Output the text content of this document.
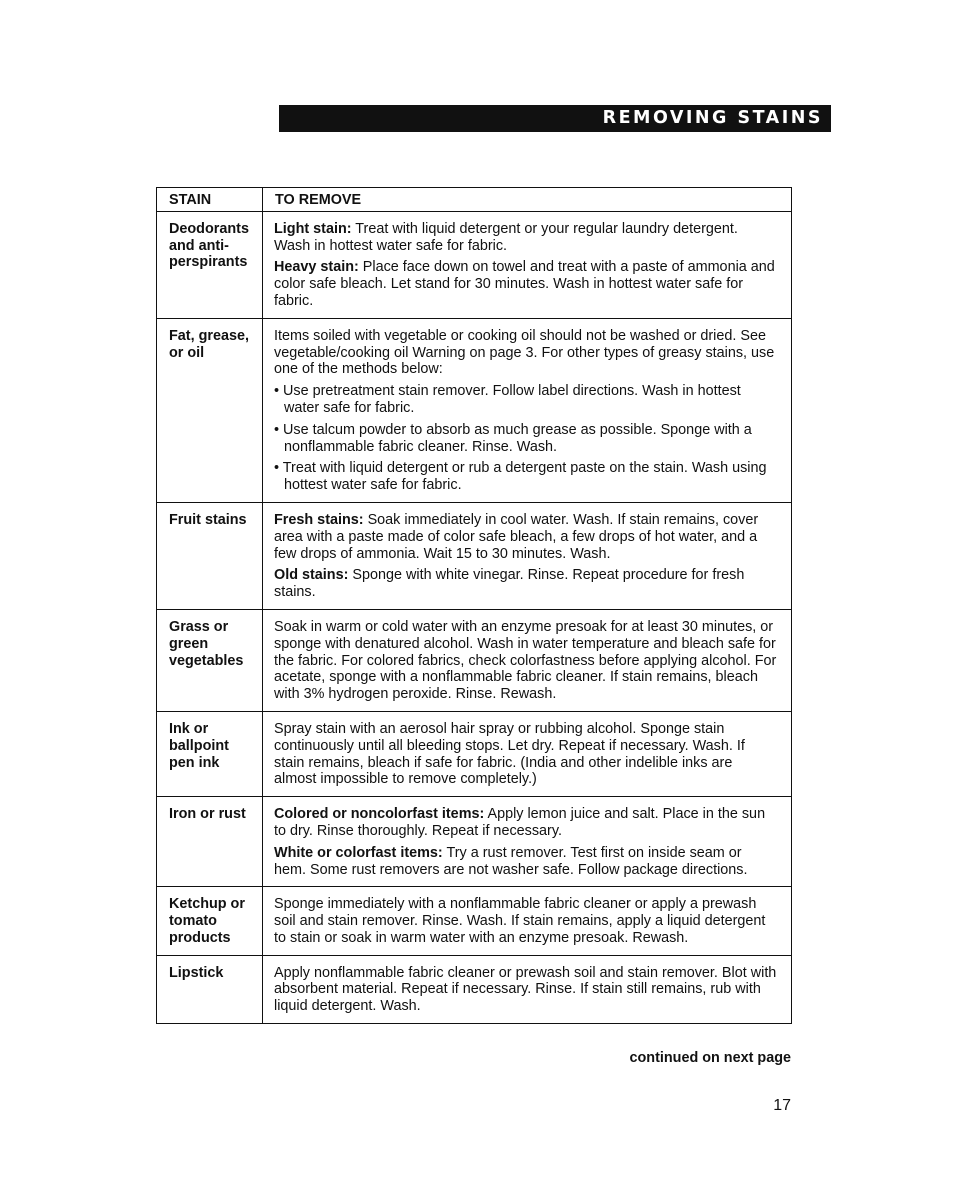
REMOVING STAINS
STAIN	TO REMOVE
Deodorants and anti-perspirants	Light stain: Treat with liquid detergent or your regular laundry detergent. Wash in hottest water safe for fabric.

Heavy stain: Place face down on towel and treat with a paste of ammonia and color safe bleach. Let stand for 30 minutes. Wash in hottest water safe for fabric.

Fat, grease, or oil	Items soiled with vegetable or cooking oil should not be washed or dried. See vegetable/cooking oil Warning on page 3. For other types of greasy stains, use one of the methods below:

• Use pretreatment stain remover. Follow label directions. Wash in hottest water safe for fabric.

• Use talcum powder to absorb as much grease as possible. Sponge with a nonflammable fabric cleaner. Rinse. Wash.

• Treat with liquid detergent or rub a detergent paste on the stain. Wash using hottest water safe for fabric.

Fruit stains	Fresh stains: Soak immediately in cool water. Wash. If stain remains, cover area with a paste made of color safe bleach, a few drops of hot water, and a few drops of ammonia. Wait 15 to 30 minutes. Wash.

Old stains: Sponge with white vinegar. Rinse. Repeat procedure for fresh stains.

Grass or green vegetables	Soak in warm or cold water with an enzyme presoak for at least 30 minutes, or sponge with denatured alcohol. Wash in water temperature and bleach safe for the fabric. For colored fabrics, check colorfastness before applying alcohol. For acetate, sponge with a nonflammable fabric cleaner. If stain remains, bleach with 3% hydrogen peroxide. Rinse. Rewash.

Ink or ballpoint pen ink	Spray stain with an aerosol hair spray or rubbing alcohol. Sponge stain continuously until all bleeding stops. Let dry. Repeat if necessary. Wash. If stain remains, bleach if safe for fabric. (India and other indelible inks are almost impossible to remove completely.)

Iron or rust	Colored or noncolorfast items: Apply lemon juice and salt. Place in the sun to dry. Rinse thoroughly. Repeat if necessary.

White or colorfast items: Try a rust remover. Test first on inside seam or hem. Some rust removers are not washer safe. Follow package directions.

Ketchup or tomato products	Sponge immediately with a nonflammable fabric cleaner or apply a prewash soil and stain remover. Rinse. Wash. If stain remains, apply a liquid detergent to stain or soak in warm water with an enzyme presoak. Rewash.

Lipstick	Apply nonflammable fabric cleaner or prewash soil and stain remover. Blot with absorbent material. Repeat if necessary. Rinse. If stain still remains, rub with liquid detergent. Wash.

continued on next page
17
